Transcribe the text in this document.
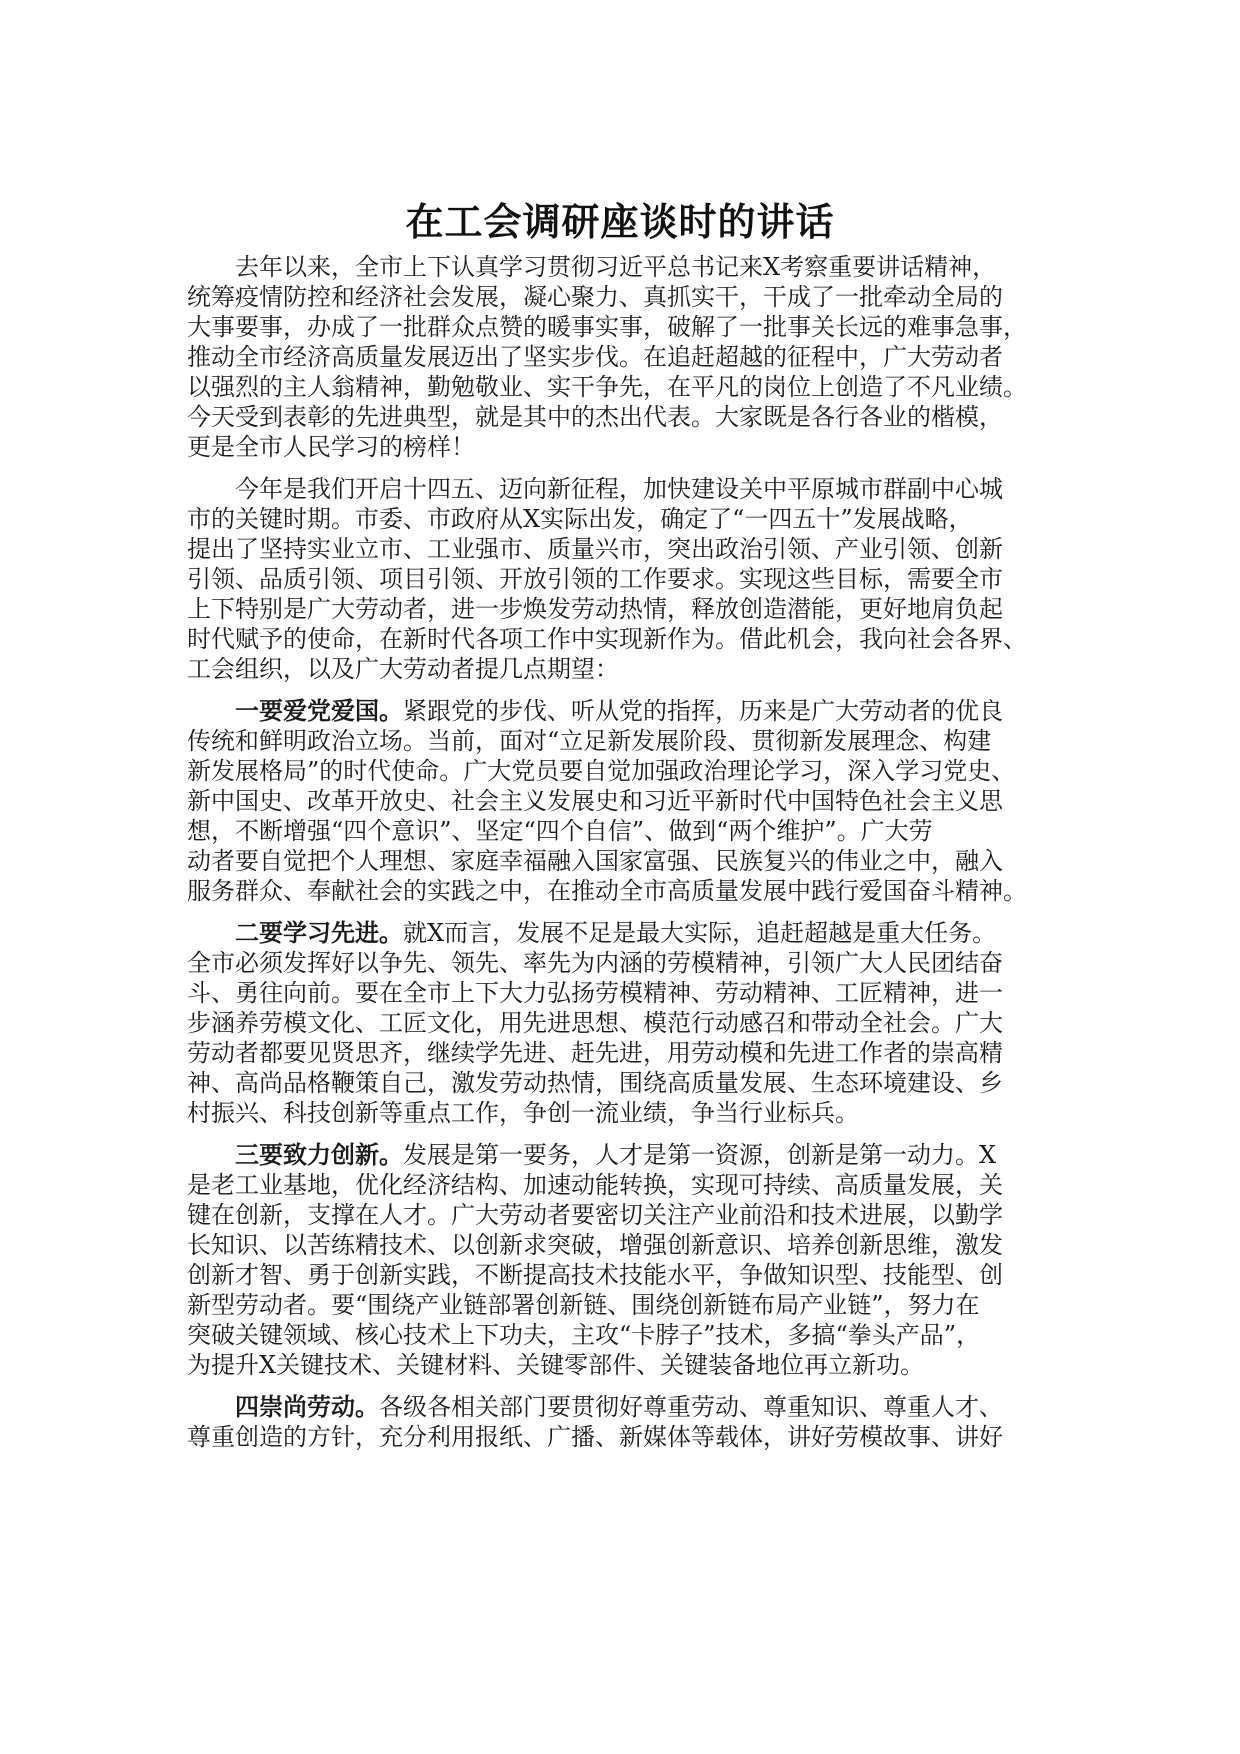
在工会调研座谈时的讲话
去年以来，全市上下认真学习贯彻习近平总书记来X考察重要讲话精神，
统筹疫情防控和经济社会发展，凝心聚力、真抓实干，干成了一批牵动全局的
大事要事，办成了一批群众点赞的暖事实事，破解了一批事关长远的难事急事，
推动全市经济高质量发展迈出了坚实步伐。在追赶超越的征程中，广大劳动者
以强烈的主人翁精神，勤勉敬业、实干争先，在平凡的岗位上创造了不凡业绩。
今天受到表彰的先进典型，就是其中的杰出代表。大家既是各行各业的楷模，
更是全市人民学习的榜样！
今年是我们开启十四五、迈向新征程，加快建设关中平原城市群副中心城
市的关键时期。市委、市政府从X实际出发，确定了“一四五十”发展战略，
提出了坚持实业立市、工业强市、质量兴市，突出政治引领、产业引领、创新
引领、品质引领、项目引领、开放引领的工作要求。实现这些目标，需要全市
上下特别是广大劳动者，进一步焕发劳动热情，释放创造潜能，更好地肩负起
时代赋予的使命，在新时代各项工作中实现新作为。借此机会，我向社会各界、
工会组织，以及广大劳动者提几点期望：
一要爱党爱国。紧跟党的步伐、听从党的指挥，历来是广大劳动者的优良
传统和鲜明政治立场。当前，面对“立足新发展阶段、贯彻新发展理念、构建
新发展格局”的时代使命。广大党员要自觉加强政治理论学习，深入学习党史、
新中国史、改革开放史、社会主义发展史和习近平新时代中国特色社会主义思
想，不断增强“四个意识”、坚定“四个自信”、做到“两个维护”。广大劳
动者要自觉把个人理想、家庭幸福融入国家富强、民族复兴的伟业之中，融入
服务群众、奉献社会的实践之中，在推动全市高质量发展中践行爱国奋斗精神。
二要学习先进。就X而言，发展不足是最大实际，追赶超越是重大任务。
全市必须发挥好以争先、领先、率先为内涵的劳模精神，引领广大人民团结奋
斗、勇往向前。要在全市上下大力弘扬劳模精神、劳动精神、工匠精神，进一
步涵养劳模文化、工匠文化，用先进思想、模范行动感召和带动全社会。广大
劳动者都要见贤思齐，继续学先进、赶先进，用劳动模和先进工作者的崇高精
神、高尚品格鞭策自己，激发劳动热情，围绕高质量发展、生态环境建设、乡
村振兴、科技创新等重点工作，争创一流业绩，争当行业标兵。
三要致力创新。发展是第一要务，人才是第一资源，创新是第一动力。X
是老工业基地，优化经济结构、加速动能转换，实现可持续、高质量发展，关
键在创新，支撑在人才。广大劳动者要密切关注产业前沿和技术进展，以勤学
长知识、以苦练精技术、以创新求突破，增强创新意识、培养创新思维，激发
创新才智、勇于创新实践，不断提高技术技能水平，争做知识型、技能型、创
新型劳动者。要“围绕产业链部署创新链、围绕创新链布局产业链”，努力在
突破关键领域、核心技术上下功夫，主攻“卡脖子”技术，多搞“拳头产品”，
为提升X关键技术、关键材料、关键零部件、关键装备地位再立新功。
四崇尚劳动。各级各相关部门要贯彻好尊重劳动、尊重知识、尊重人才、
尊重创造的方针，充分利用报纸、广播、新媒体等载体，讲好劳模故事、讲好
